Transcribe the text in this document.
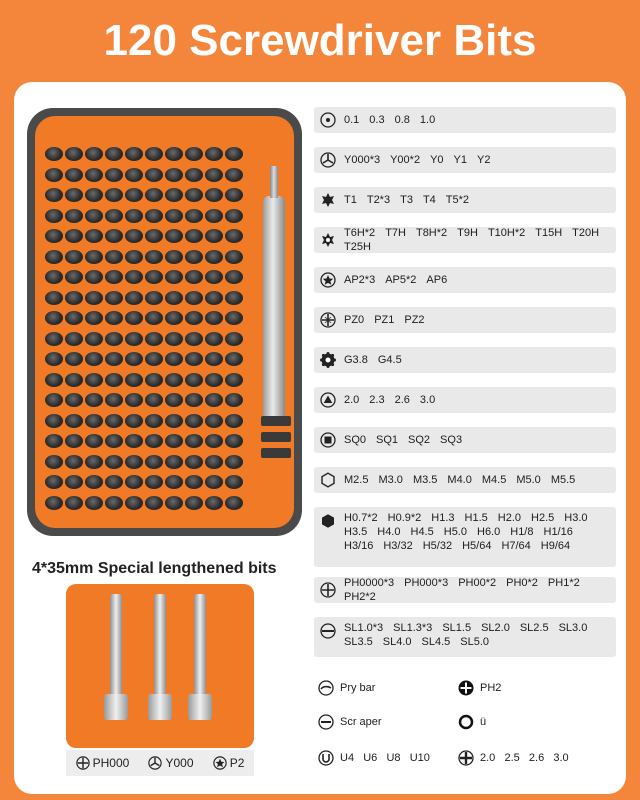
120 Screwdriver Bits
4*35mm Special lengthened bits
PH000	Y000	P2
0.1 0.3 0.8 1.0
Y000*3 Y00*2 Y0 Y1 Y2
T1 T2*3 T3 T4 T5*2
T6H*2 T7H T8H*2 T9H T10H*2 T15H T20H
T25H
AP2*3 AP5*2 AP6
PZ0 PZ1 PZ2
G3.8 G4.5
2.0 2.3 2.6 3.0
SQ0 SQ1 SQ2 SQ3
M2.5 M3.0 M3.5 M4.0 M4.5 M5.0 M5.5
H0.7*2 H0.9*2 H1.3 H1.5 H2.0 H2.5 H3.0
H3.5 H4.0 H4.5 H5.0 H6.0 H1/8 H1/16
H3/16 H3/32 H5/32 H5/64 H7/64 H9/64
PH0000*3 PH000*3 PH00*2 PH0*2 PH1*2
PH2*2
SL1.0*3 SL1.3*3 SL1.5 SL2.0 SL2.5 SL3.0
SL3.5 SL4.0 SL4.5 SL5.0
Pry bar	PH2
Scr aper	ü
U4   U6   U8   U10	2.0   2.5   2.6   3.0
